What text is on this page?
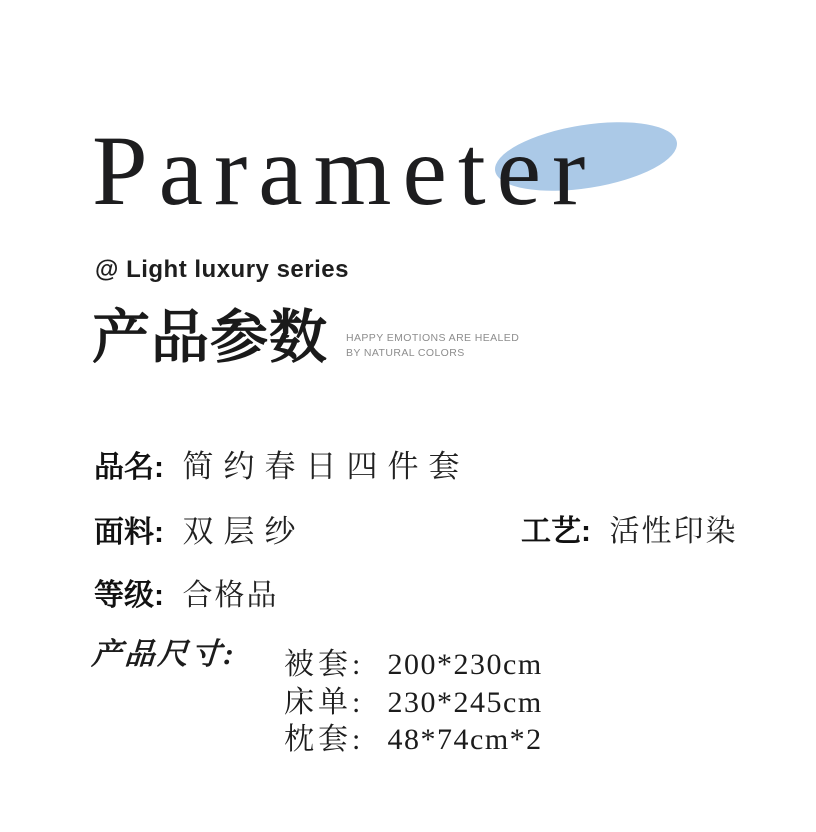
Parameter
@ Light luxury series
产品参数 HAPPY EMOTIONS ARE HEALED
BY NATURAL COLORS
品名: 简约春日四件套
面料: 双层纱	工艺: 活性印染
等级: 合格品
产品尺寸: 被套: 200*230cm
床单: 230*245cm
枕套: 48*74cm*2
